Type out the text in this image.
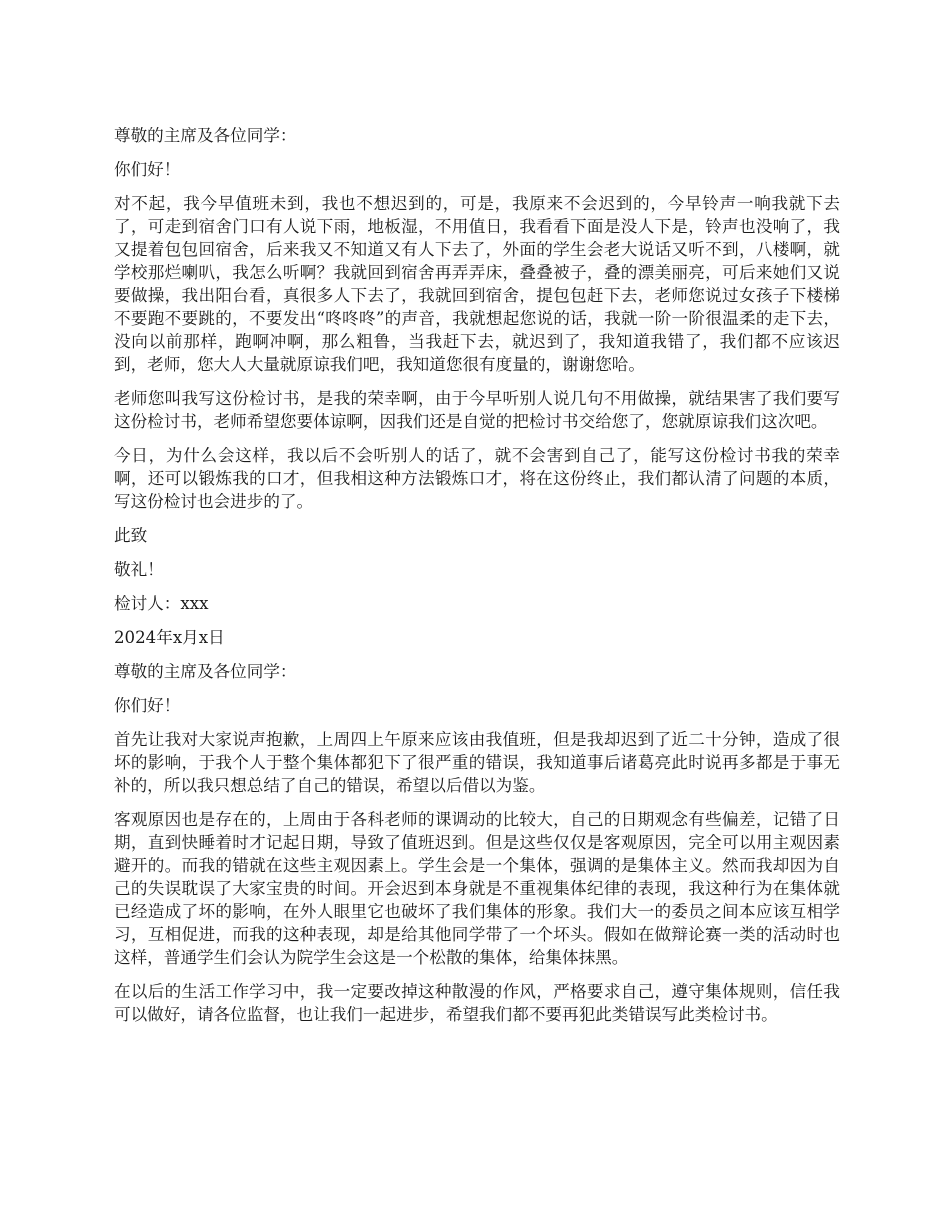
尊敬的主席及各位同学：

你们好！

对不起，我今早值班未到，我也不想迟到的，可是，我原来不会迟到的，今早铃声一响我就下去了，可走到宿舍门口有人说下雨，地板湿，不用值日，我看看下面是没人下是，铃声也没响了，我又提着包包回宿舍，后来我又不知道又有人下去了，外面的学生会老大说话又听不到，八楼啊，就学校那烂喇叭，我怎么听啊？我就回到宿舍再弄弄床，叠叠被子，叠的漂美丽亮，可后来她们又说要做操，我出阳台看，真很多人下去了，我就回到宿舍，提包包赶下去，老师您说过女孩子下楼梯不要跑不要跳的，不要发出“咚咚咚”的声音，我就想起您说的话，我就一阶一阶很温柔的走下去，没向以前那样，跑啊冲啊，那么粗鲁，当我赶下去，就迟到了，我知道我错了，我们都不应该迟到，老师，您大人大量就原谅我们吧，我知道您很有度量的，谢谢您哈。

老师您叫我写这份检讨书，是我的荣幸啊，由于今早听别人说几句不用做操，就结果害了我们要写这份检讨书，老师希望您要体谅啊，因我们还是自觉的把检讨书交给您了，您就原谅我们这次吧。

今日，为什么会这样，我以后不会听别人的话了，就不会害到自己了，能写这份检讨书我的荣幸啊，还可以锻炼我的口才，但我相这种方法锻炼口才，将在这份终止，我们都认清了问题的本质，写这份检讨也会进步的了。

此致

敬礼！

检讨人：xxx

2024年x月x日

尊敬的主席及各位同学：

你们好！

首先让我对大家说声抱歉，上周四上午原来应该由我值班，但是我却迟到了近二十分钟，造成了很坏的影响，于我个人于整个集体都犯下了很严重的错误，我知道事后诸葛亮此时说再多都是于事无补的，所以我只想总结了自己的错误，希望以后借以为鉴。

客观原因也是存在的，上周由于各科老师的课调动的比较大，自己的日期观念有些偏差，记错了日期，直到快睡着时才记起日期，导致了值班迟到。但是这些仅仅是客观原因，完全可以用主观因素避开的。而我的错就在这些主观因素上。学生会是一个集体，强调的是集体主义。然而我却因为自己的失误耽误了大家宝贵的时间。开会迟到本身就是不重视集体纪律的表现，我这种行为在集体就已经造成了坏的影响，在外人眼里它也破坏了我们集体的形象。我们大一的委员之间本应该互相学习，互相促进，而我的这种表现，却是给其他同学带了一个坏头。假如在做辩论赛一类的活动时也这样，普通学生们会认为院学生会这是一个松散的集体，给集体抹黑。

在以后的生活工作学习中，我一定要改掉这种散漫的作风，严格要求自己，遵守集体规则，信任我可以做好，请各位监督，也让我们一起进步，希望我们都不要再犯此类错误写此类检讨书。
